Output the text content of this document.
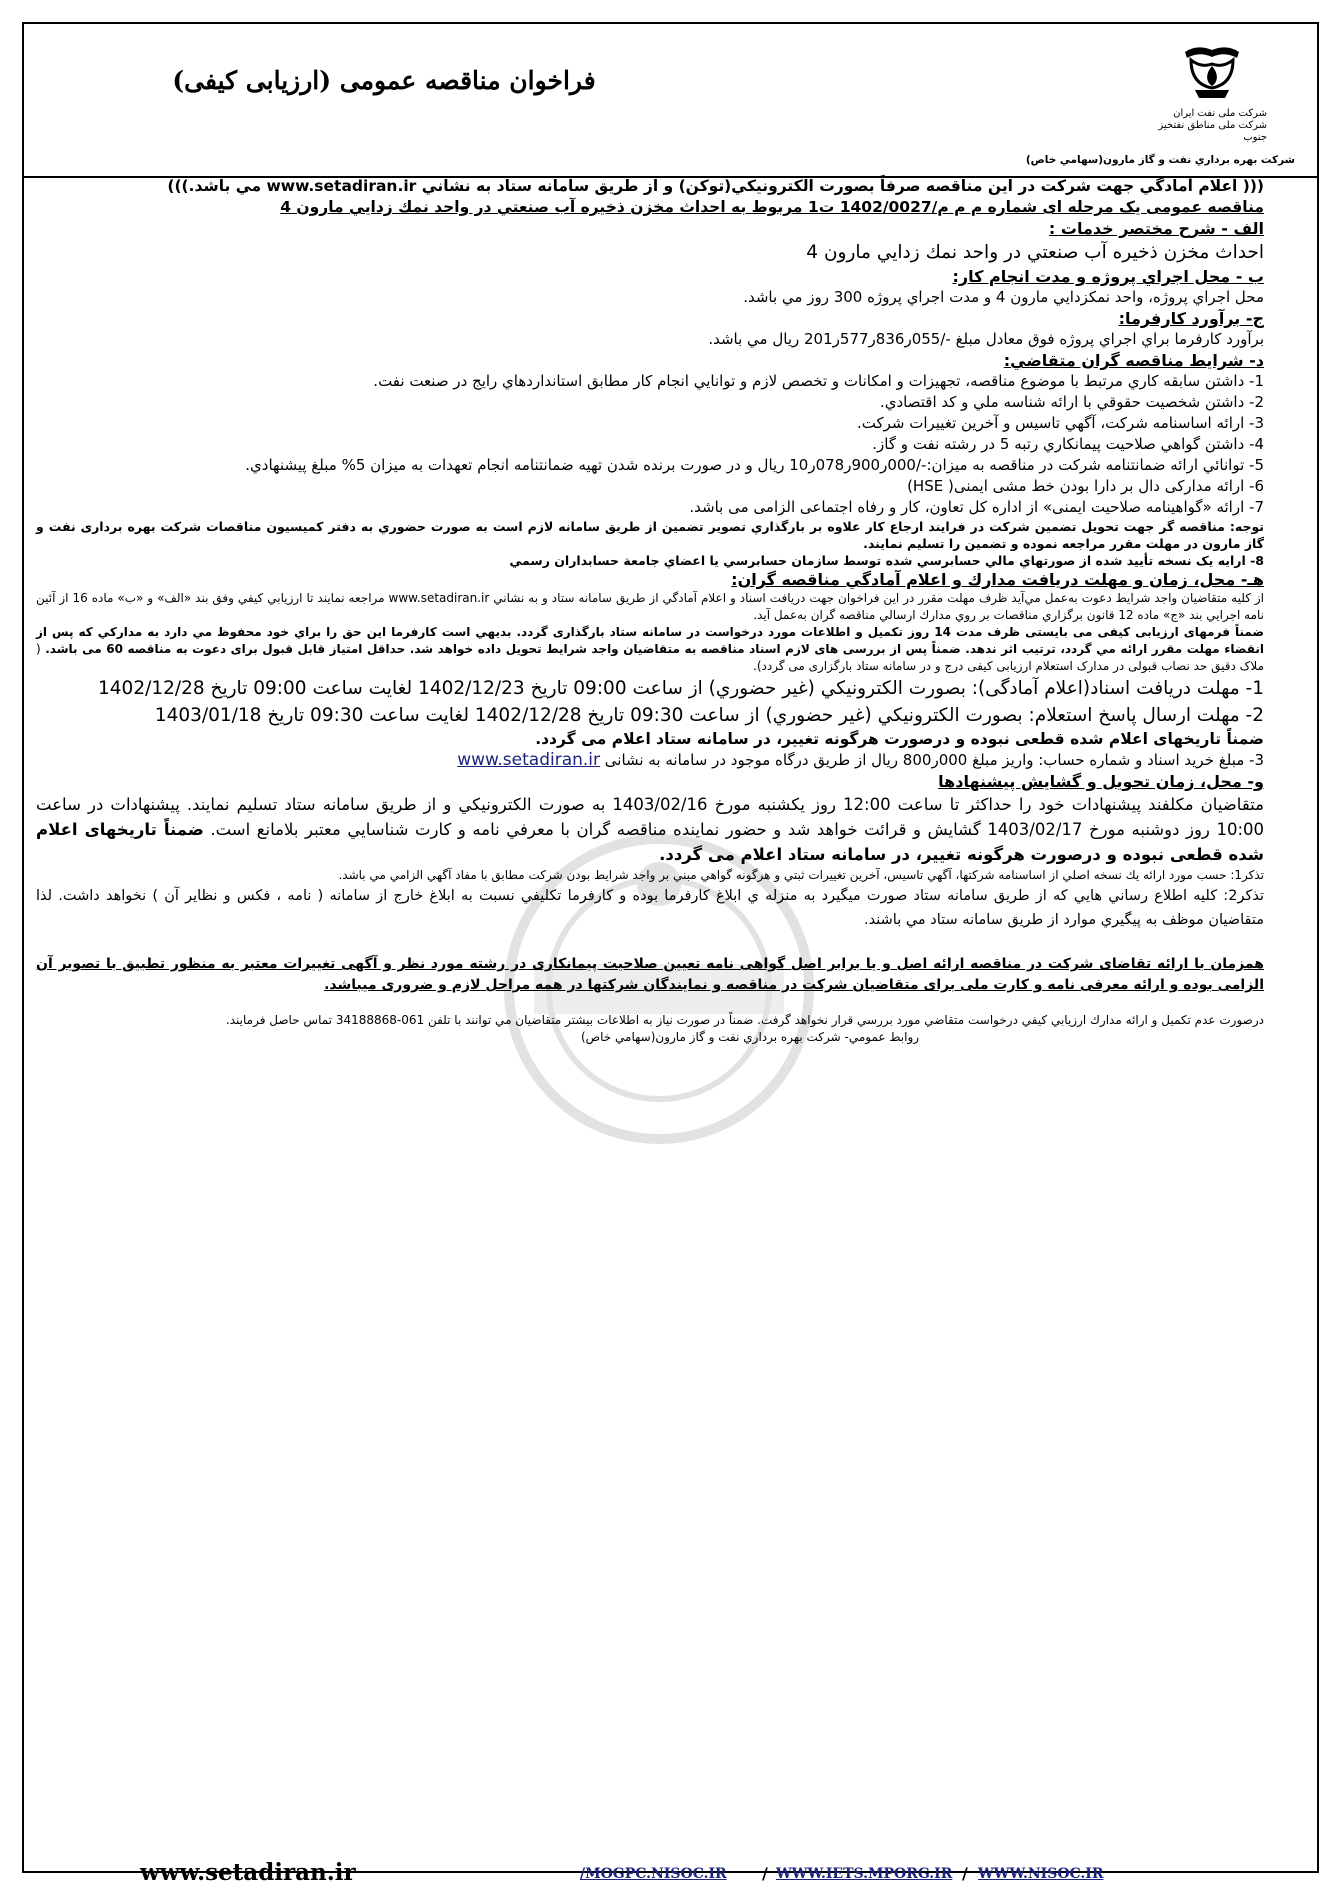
فراخوان مناقصه عمومی (ارزیابی کیفی)
شرکت ملی نفت ایران
شرکت ملی مناطق نفتخیز جنوب
شرکت بهره برداري نفت و گاز مارون(سهامي خاص)

((( اعلام آمادگي جهت شركت در اين مناقصه صرفاً بصورت الكترونيكي(توكن) و از طريق سامانه ستاد به نشاني www.setadiran.ir مي باشد.)))

مناقصه عمومی یک مرحله ای شماره م م م/1402/0027 ت1 مربوط به احداث مخزن ذخيره آب صنعتي در واحد نمك زدايي مارون 4

الف - شرح مختصر خدمات :

احداث مخزن ذخيره آب صنعتي در واحد نمك زدايي مارون 4

ب - محل اجراي پروژه و مدت انجام كار:

محل اجراي پروژه، واحد نمكزدايي مارون 4 و مدت اجراي پروژه 300 روز مي باشد.

ج- برآورد كارفرما:

برآورد كارفرما براي اجراي پروژه فوق معادل مبلغ -/055ر836ر577ر201 ريال مي باشد.

د- شرايط مناقصه گران متقاضي:

1- داشتن سابقه كاري مرتبط با موضوع مناقصه، تجهيزات و امكانات و تخصص لازم و توانايي انجام كار مطابق استانداردهاي رايج در صنعت نفت.

2- داشتن شخصيت حقوقي با ارائه شناسه ملي و كد اقتصادي.

3- ارائه اساسنامه شركت، آگهي تاسيس و آخرين تغييرات شركت.

4- داشتن گواهي صلاحيت پيمانكاري رتبه 5 در رشته نفت و گاز.

5- توانائي ارائه ضمانتنامه شركت در مناقصه به ميزان:-/000ر900ر078ر10 ريال و در صورت برنده شدن تهيه ضمانتنامه انجام تعهدات به ميزان 5% مبلغ پيشنهادي.

6- ارائه مداركی دال بر دارا بودن خط مشی ایمنی( HSE)

7- ارائه «گواهینامه صلاحیت ایمنی» از اداره کل تعاون، کار و رفاه اجتماعی الزامی می باشد.

توجه: مناقصه گر جهت تحويل تضمين شركت در فرايند ارجاع كار علاوه بر بارگذاري تصوير تضمين از طريق سامانه لازم است به صورت حضوري به دفتر كميسيون مناقصات شركت بهره برداری نفت و گاز مارون در مهلت مقرر مراجعه نموده و تضمين را تسليم نمايند.

8- ارایه یک نسخه تأييد شده از صورتهاي مالي حسابرسي شده توسط سازمان حسابرسي يا اعضاي جامعة حسابداران رسمي

هـ- محل، زمان و مهلت دريافت مدارك و اعلام آمادگي مناقصه گران:

از كليه متقاضيان واجد شرايط دعوت به‌عمل مي‌آيد ظرف مهلت مقرر در اين فراخوان جهت دريافت اسناد و اعلام آمادگي از طريق سامانه ستاد و به نشاني www.setadiran.ir مراجعه نمايند تا ارزيابي كيفي وفق بند «الف» و «ب» ماده 16 از آئين نامه اجرايي بند «ج» ماده 12 قانون برگزاري مناقصات بر روي مدارك ارسالي مناقصه گران به‌عمل آيد.

ضمناً فرمهای ارزیابی کیفی می بایستی ظرف مدت 14 روز تکمیل و اطلاعات مورد درخواست در سامانه ستاد بارگذاری گردد. بديهي است كارفرما اين حق را براي خود محفوظ مي دارد به مداركي كه پس از انقضاء مهلت مقرر ارائه مي گردد، ترتيب اثر ندهد. ضمناً پس از بررسی های لازم اسناد مناقصه به متقاضیان واجد شرایط تحویل داده خواهد شد. حداقل امتیاز قابل قبول برای دعوت به مناقصه 60 می باشد. ( ملاک دقیق حد نصاب قبولی در مدارک استعلام ارزیابی کیفی درج و در سامانه ستاد بارگزاری می گردد).

1- مهلت دريافت اسناد(اعلام آمادگی): بصورت الكترونيكي (غير حضوري) از ساعت 09:00 تاريخ 1402/12/23 لغايت ساعت 09:00 تاريخ 1402/12/28

2- مهلت ارسال پاسخ استعلام: بصورت الكترونيكي (غير حضوري) از ساعت 09:30 تاريخ 1402/12/28 لغايت ساعت 09:30 تاريخ 1403/01/18

ضمناً تاریخهای اعلام شده قطعی نبوده و درصورت هرگونه تغيير، در سامانه ستاد اعلام می گردد.

3- مبلغ خريد اسناد و شماره حساب: واريز مبلغ 000ر800 ريال از طريق درگاه موجود در سامانه به نشانی www.setadiran.ir

و- محل، زمان تحويل و گشايش پيشنهادها

متقاضيان مكلفند پيشنهادات خود را حداكثر تا ساعت 12:00 روز يكشنبه مورخ 1403/02/16 به صورت الكترونيكي و از طريق سامانه ستاد تسليم نمايند. پيشنهادات در ساعت 10:00 روز دوشنبه مورخ 1403/02/17 گشايش و قرائت خواهد شد و حضور نماينده مناقصه گران با معرفي نامه و كارت شناسايي معتبر بلامانع است. ضمناً تاریخهای اعلام شده قطعی نبوده و درصورت هرگونه تغيير، در سامانه ستاد اعلام می گردد.

تذكر1: حسب مورد ارائه يك نسخه اصلي از اساسنامه شركتها، آگهي تاسيس، آخرين تغييرات ثبتي و هرگونه گواهي مبني بر واجد شرايط بودن شركت مطابق با مفاد آگهي الزامي مي باشد.

تذكر2: كليه اطلاع رساني هايي كه از طريق سامانه ستاد صورت ميگيرد به منزله ي ابلاغ كارفرما بوده و كارفرما تكليفي نسبت به ابلاغ خارج از سامانه ( نامه ، فكس و نظاير آن ) نخواهد داشت. لذا متقاضيان موظف به پيگيري موارد از طريق سامانه ستاد مي باشند.

همزمان با ارائه تقاضای شرکت در مناقصه ارائه اصل و یا برابر اصل گواهی نامه تعیین صلاحیت پیمانکاری در رشته مورد نظر و آگهی تغییرات معتبر به منظور تطبیق با تصویر آن الزامی بوده و ارائه معرفی نامه و کارت ملی برای متقاضیان شرکت در مناقصه و نمایندگان شرکتها در همه مراحل لازم و ضروری میباشد.

درصورت عدم تكميل و ارائه مدارك ارزيابي كيفي درخواست متقاضي مورد بررسي قرار نخواهد گرفت. ضمناً در صورت نياز به اطلاعات بيشتر متقاضيان مي توانند با تلفن 061-34188868 تماس حاصل فرمايند.

روابط عمومي- شركت بهره برداري نفت و گاز مارون(سهامي خاص)

www.setadiran.ir	/MOGPC.NISOC.IR / WWW.IETS.MPORG.IR / WWW.NISOC.IR
